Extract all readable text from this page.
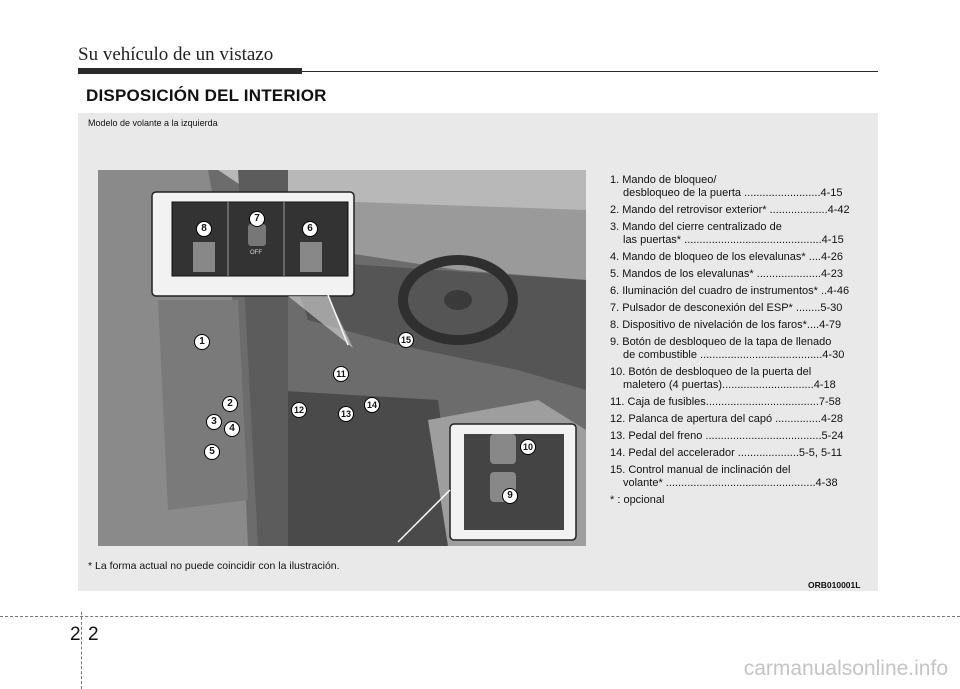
Su vehículo de un vistazo
DISPOSICIÓN DEL INTERIOR
Modelo de volante a la izquierda
8
7
6
OFF
1
2
3
4
5
15
11
12	13
14
10
9
1. Mando de bloqueo/
desbloqueo de la puerta .........................4-15
2. Mando del retrovisor exterior* ...................4-42
3. Mando del cierre centralizado de
las puertas* .............................................4-15
4. Mando de bloqueo de los elevalunas* ....4-26
5. Mandos de los elevalunas* .....................4-23
6. Iluminación del cuadro de instrumentos* ..4-46
7. Pulsador de desconexión del ESP* ........5-30
8. Dispositivo de nivelación de los faros*....4-79
9. Botón de desbloqueo de la tapa de llenado
de combustible ........................................4-30
10. Botón de desbloqueo de la puerta del
maletero (4 puertas)..............................4-18
11. Caja de fusibles.....................................7-58
12. Palanca de apertura del capó ...............4-28
13. Pedal del freno ......................................5-24
14. Pedal del accelerador ....................5-5, 5-11
15. Control manual de inclinación del
volante* .................................................4-38
* : opcional
* La forma actual no puede coincidir con la ilustración.
ORB010001L
2 2
carmanualsonline.info
